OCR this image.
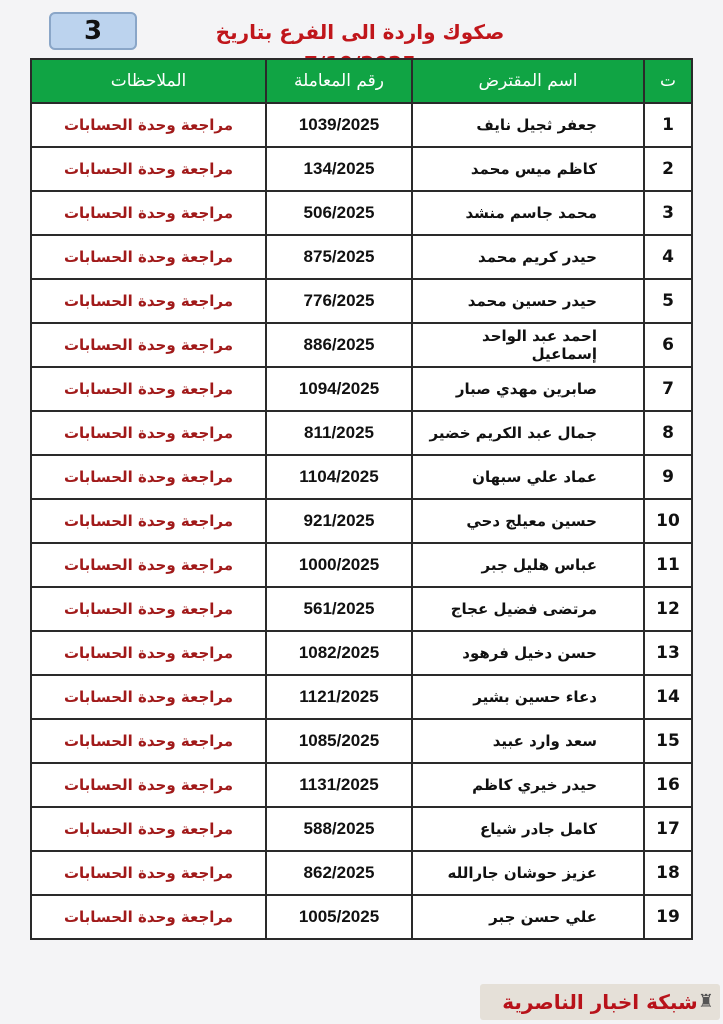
3	صكوك واردة الى الفرع بتاريخ
ت	اسم المقترض	رقم المعاملة	الملاحظات
1	جعفر ثجيل نايف	1039/2025	مراجعة وحدة الحسابات
2	كاظم ميس محمد	134/2025	مراجعة وحدة الحسابات
3	محمد جاسم منشد	506/2025	مراجعة وحدة الحسابات
4	حيدر كريم محمد	875/2025	مراجعة وحدة الحسابات
5	حيدر حسين محمد	776/2025	مراجعة وحدة الحسابات
6	احمد عبد الواحد إسماعيل	886/2025	مراجعة وحدة الحسابات
7	صابرين مهدي صبار	1094/2025	مراجعة وحدة الحسابات
8	جمال عبد الكريم خضير	811/2025	مراجعة وحدة الحسابات
9	عماد علي سبهان	1104/2025	مراجعة وحدة الحسابات
10	حسين معيلج دحي	921/2025	مراجعة وحدة الحسابات
11	عباس هليل جبر	1000/2025	مراجعة وحدة الحسابات
12	مرتضى فضيل عجاج	561/2025	مراجعة وحدة الحسابات
13	حسن دخيل فرهود	1082/2025	مراجعة وحدة الحسابات
14	دعاء حسين بشير	1121/2025	مراجعة وحدة الحسابات
15	سعد وارد عبيد	1085/2025	مراجعة وحدة الحسابات
16	حيدر خيري كاظم	1131/2025	مراجعة وحدة الحسابات
17	كامل جادر شياع	588/2025	مراجعة وحدة الحسابات
18	عزيز حوشان جارالله	862/2025	مراجعة وحدة الحسابات
19	علي حسن جبر	1005/2025	مراجعة وحدة الحسابات
شبكة اخبار الناصرية ♜
